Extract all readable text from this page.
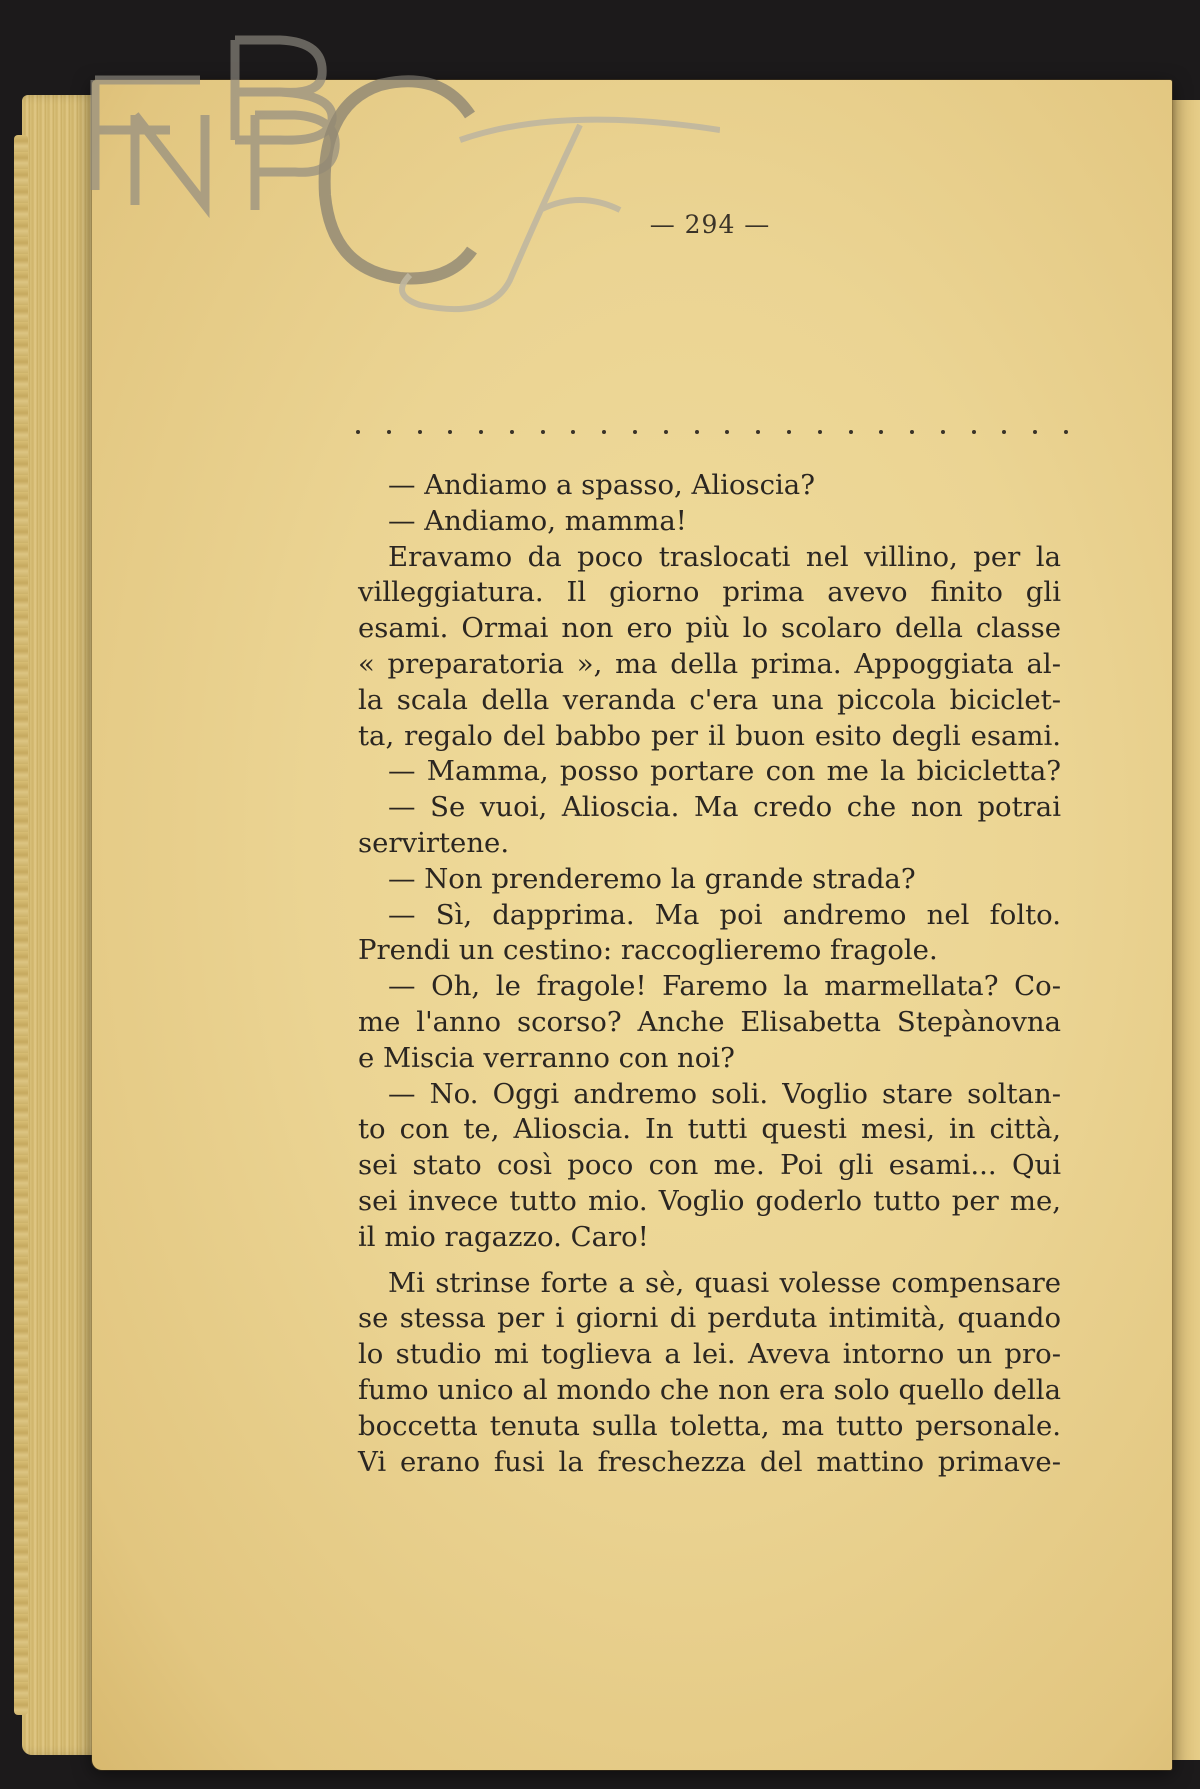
— 294 —
— Andiamo a spasso, Alioscia?
— Andiamo, mamma!
Eravamo da poco traslocati nel villino, per la
villeggiatura. Il giorno prima avevo finito gli
esami. Ormai non ero più lo scolaro della classe
« preparatoria », ma della prima. Appoggiata al-
la scala della veranda c'era una piccola biciclet-
ta, regalo del babbo per il buon esito degli esami.
— Mamma, posso portare con me la bicicletta?
— Se vuoi, Alioscia. Ma credo che non potrai
servirtene.
— Non prenderemo la grande strada?
— Sì, dapprima. Ma poi andremo nel folto.
Prendi un cestino: raccoglieremo fragole.
— Oh, le fragole! Faremo la marmellata? Co-
me l'anno scorso? Anche Elisabetta Stepànovna
e Miscia verranno con noi?
— No. Oggi andremo soli. Voglio stare soltan-
to con te, Alioscia. In tutti questi mesi, in città,
sei stato così poco con me. Poi gli esami... Qui
sei invece tutto mio. Voglio goderlo tutto per me,
il mio ragazzo. Caro!
Mi strinse forte a sè, quasi volesse compensare
se stessa per i giorni di perduta intimità, quando
lo studio mi toglieva a lei. Aveva intorno un pro-
fumo unico al mondo che non era solo quello della
boccetta tenuta sulla toletta, ma tutto personale.
Vi erano fusi la freschezza del mattino primave-
